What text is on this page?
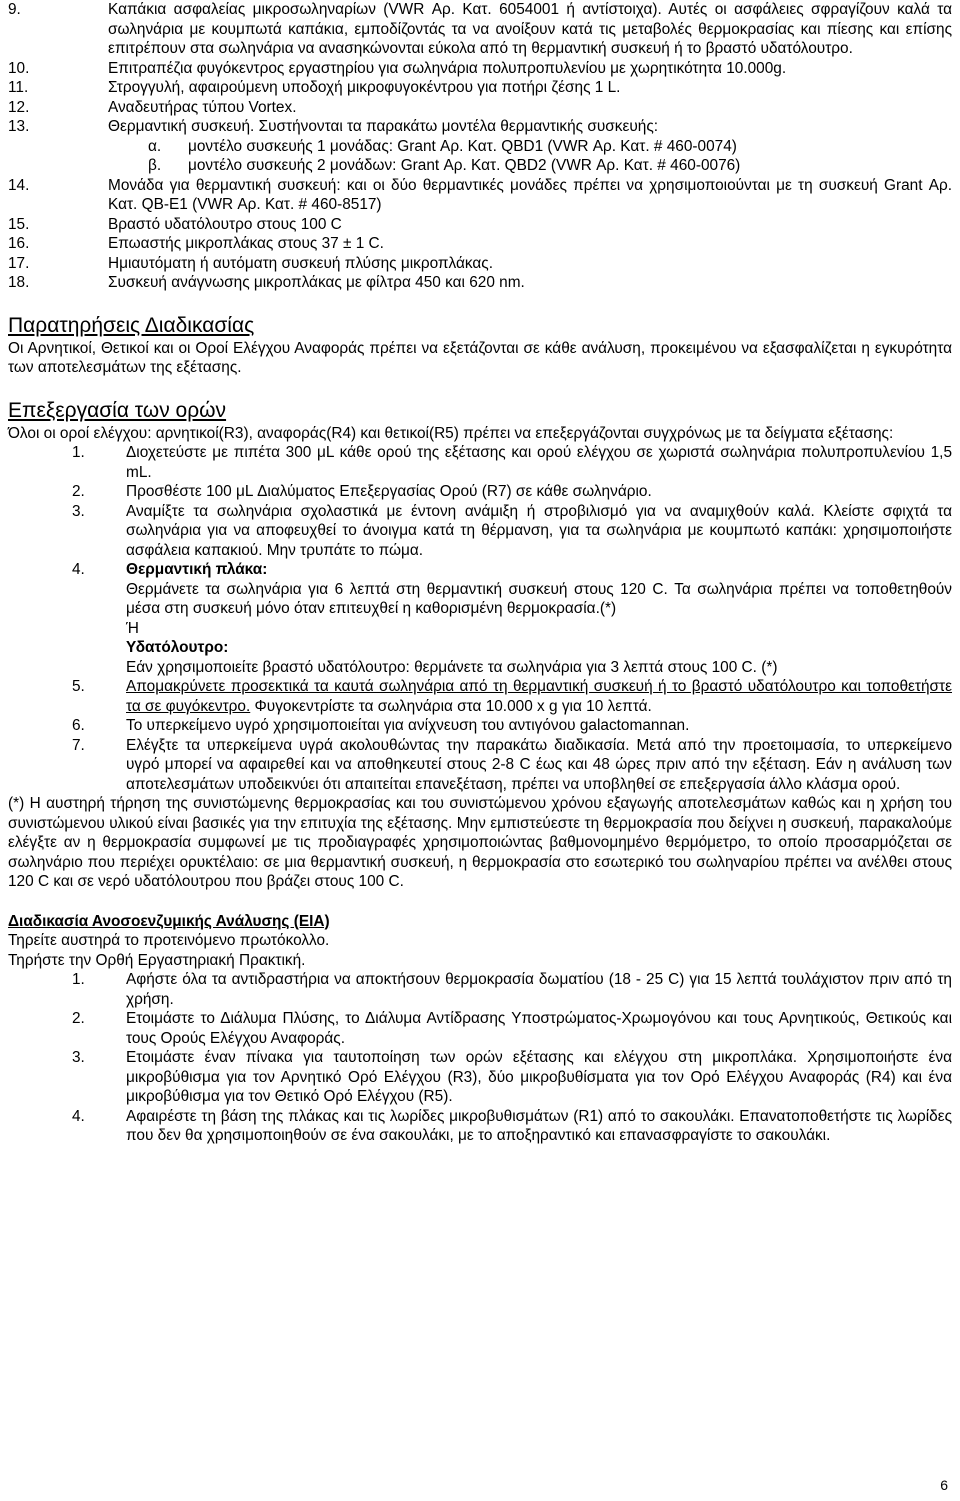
9.	Καπάκια ασφαλείας μικροσωληναρίων (VWR Αρ. Κατ. 6054001 ή αντίστοιχα). Αυτές οι ασφάλειες σφραγίζουν καλά τα σωληνάρια με κουμπωτά καπάκια, εμποδίζοντάς τα να ανοίξουν κατά τις μεταβολές θερμοκρασίας και πίεσης και επίσης επιτρέπουν στα σωληνάρια να ανασηκώνονται εύκολα από τη θερμαντική συσκευή ή το βραστό υδατόλουτρο.
10.	Επιτραπέζια φυγόκεντρος εργαστηρίου για σωληνάρια πολυπροπυλενίου με χωρητικότητα 10.000g.
11.	Στρογγυλή, αφαιρούμενη υποδοχή μικροφυγοκέντρου για ποτήρι ζέσης 1 L.
12.	Αναδευτήρας τύπου Vortex.
13.	Θερμαντική συσκευή. Συστήνονται τα παρακάτω μοντέλα θερμαντικής συσκευής:
α.	μοντέλο συσκευής 1 μονάδας: Grant Αρ. Κατ. QBD1 (VWR Αρ. Κατ. # 460-0074)
β.	μοντέλο συσκευής 2 μονάδων: Grant Αρ. Κατ. QBD2 (VWR Αρ. Κατ. # 460-0076)
14.	Μονάδα για θερμαντική συσκευή: και οι δύο θερμαντικές μονάδες πρέπει να χρησιμοποιούνται με τη συσκευή Grant Αρ. Κατ. QB-E1 (VWR Αρ. Κατ. # 460-8517)
15.	Βραστό υδατόλουτρο στους 100 C
16.	Επωαστής μικροπλάκας στους 37 ± 1 C.
17.	Ημιαυτόματη ή αυτόματη συσκευή πλύσης μικροπλάκας.
18.	Συσκευή ανάγνωσης μικροπλάκας με φίλτρα 450 και 620 nm.
Παρατηρήσεις Διαδικασίας
Οι Αρνητικοί, Θετικοί και οι Οροί Ελέγχου Αναφοράς πρέπει να εξετάζονται σε κάθε ανάλυση, προκειμένου να εξασφαλίζεται η εγκυρότητα των αποτελεσμάτων της εξέτασης.
Επεξεργασία των ορών
Όλοι οι οροί ελέγχου: αρνητικοί(R3), αναφοράς(R4) και θετικοί(R5) πρέπει να επεξεργάζονται συγχρόνως με τα δείγματα εξέτασης:
1.	Διοχετεύστε με πιπέτα 300 μL κάθε ορού της εξέτασης και ορού ελέγχου σε χωριστά σωληνάρια πολυπροπυλενίου 1,5 mL.
2.	Προσθέστε 100 μL Διαλύματος Επεξεργασίας Ορού (R7) σε κάθε σωληνάριο.
3.	Αναμίξτε τα σωληνάρια σχολαστικά με έντονη ανάμιξη ή στροβιλισμό για να αναμιχθούν καλά. Κλείστε σφιχτά τα σωληνάρια για να αποφευχθεί το άνοιγμα κατά τη θέρμανση, για τα σωληνάρια με κουμπωτό καπάκι: χρησιμοποιήστε ασφάλεια καπακιού. Μην τρυπάτε το πώμα.
4.	Θερμαντική πλάκα:
Θερμάνετε τα σωληνάρια για 6 λεπτά στη θερμαντική συσκευή στους 120 C. Τα σωληνάρια πρέπει να τοποθετηθούν μέσα στη συσκευή μόνο όταν επιτευχθεί η καθορισμένη θερμοκρασία.(*)
Ή
Υδατόλουτρο:
Εάν χρησιμοποιείτε βραστό υδατόλουτρο: θερμάνετε τα σωληνάρια για 3 λεπτά στους 100 C. (*)
5.	Απομακρύνετε προσεκτικά τα καυτά σωληνάρια από τη θερμαντική συσκευή ή το βραστό υδατόλουτρο και τοποθετήστε τα σε φυγόκεντρο. Φυγοκεντρίστε τα σωληνάρια στα 10.000 x g για 10 λεπτά.
6.	Το υπερκείμενο υγρό χρησιμοποιείται για ανίχνευση του αντιγόνου galactomannan.
7.	Ελέγξτε τα υπερκείμενα υγρά ακολουθώντας την παρακάτω διαδικασία. Μετά από την προετοιμασία, το υπερκείμενο υγρό μπορεί να αφαιρεθεί και να αποθηκευτεί στους 2-8 C έως και 48 ώρες πριν από την εξέταση. Εάν η ανάλυση των αποτελεσμάτων υποδεικνύει ότι απαιτείται επανεξέταση, πρέπει να υποβληθεί σε επεξεργασία άλλο κλάσμα ορού.
(*) Η αυστηρή τήρηση της συνιστώμενης θερμοκρασίας και του συνιστώμενου χρόνου εξαγωγής αποτελεσμάτων καθώς και η χρήση του συνιστώμενου υλικού είναι βασικές για την επιτυχία της εξέτασης. Μην εμπιστεύεστε τη θερμοκρασία που δείχνει η συσκευή, παρακαλούμε ελέγξτε αν η θερμοκρασία συμφωνεί με τις προδιαγραφές χρησιμοποιώντας βαθμονομημένο θερμόμετρο, το οποίο προσαρμόζεται σε σωληνάριο που περιέχει ορυκτέλαιο: σε μια θερμαντική συσκευή, η θερμοκρασία στο εσωτερικό του σωληναρίου πρέπει να ανέλθει στους 120 C και σε νερό υδατόλουτρου που βράζει στους 100 C.
Διαδικασία Ανοσοενζυμικής Ανάλυσης (EIA)
Τηρείτε αυστηρά το προτεινόμενο πρωτόκολλο.
Τηρήστε την Ορθή Εργαστηριακή Πρακτική.
1.	Αφήστε όλα τα αντιδραστήρια να αποκτήσουν θερμοκρασία δωματίου (18 - 25 C) για 15 λεπτά τουλάχιστον πριν από τη χρήση.
2.	Ετοιμάστε το Διάλυμα Πλύσης, το Διάλυμα Αντίδρασης Υποστρώματος-Χρωμογόνου και τους Αρνητικούς, Θετικούς και τους Ορούς Ελέγχου Αναφοράς.
3.	Ετοιμάστε έναν πίνακα για ταυτοποίηση των ορών εξέτασης και ελέγχου στη μικροπλάκα. Χρησιμοποιήστε ένα μικροβύθισμα για τον Αρνητικό Ορό Ελέγχου (R3), δύο μικροβυθίσματα για τον Ορό Ελέγχου Αναφοράς (R4) και ένα μικροβύθισμα για τον Θετικό Ορό Ελέγχου (R5).
4.	Αφαιρέστε τη βάση της πλάκας και τις λωρίδες μικροβυθισμάτων (R1) από το σακουλάκι. Επανατοποθετήστε τις λωρίδες που δεν θα χρησιμοποιηθούν σε ένα σακουλάκι, με το αποξηραντικό και επανασφραγίστε το σακουλάκι.
6
